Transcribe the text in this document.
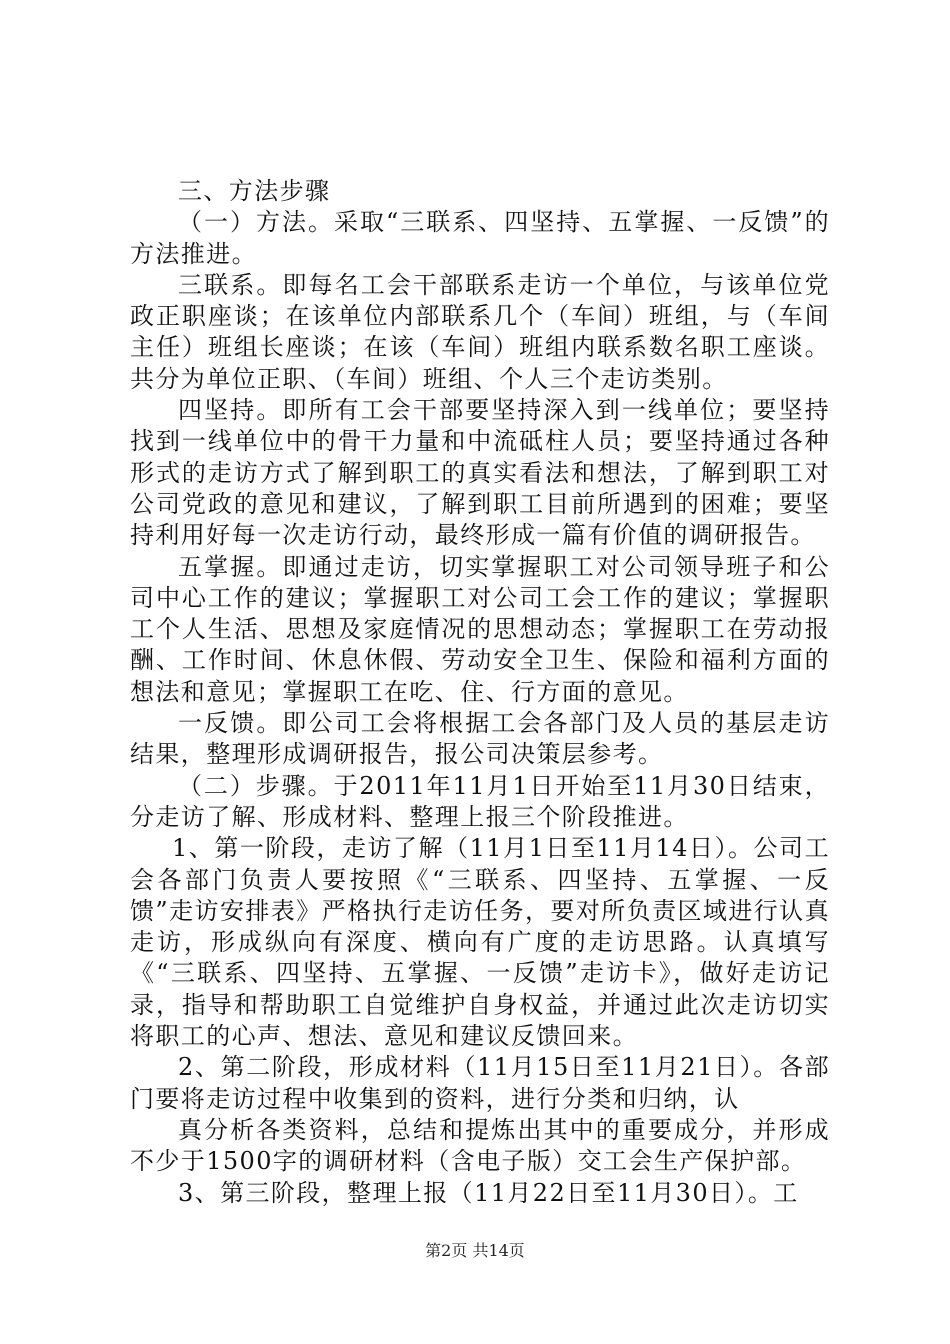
三、方法步骤

（一）方法。采取“三联系、四坚持、五掌握、一反馈”的方法推进。

三联系。即每名工会干部联系走访一个单位，与该单位党政正职座谈；在该单位内部联系几个（车间）班组，与（车间主任）班组长座谈；在该（车间）班组内联系数名职工座谈。共分为单位正职、（车间）班组、个人三个走访类别。

四坚持。即所有工会干部要坚持深入到一线单位；要坚持找到一线单位中的骨干力量和中流砥柱人员；要坚持通过各种形式的走访方式了解到职工的真实看法和想法，了解到职工对公司党政的意见和建议，了解到职工目前所遇到的困难；要坚持利用好每一次走访行动，最终形成一篇有价值的调研报告。

五掌握。即通过走访，切实掌握职工对公司领导班子和公司中心工作的建议；掌握职工对公司工会工作的建议；掌握职工个人生活、思想及家庭情况的思想动态；掌握职工在劳动报酬、工作时间、休息休假、劳动安全卫生、保险和福利方面的想法和意见；掌握职工在吃、住、行方面的意见。

一反馈。即公司工会将根据工会各部门及人员的基层走访结果，整理形成调研报告，报公司决策层参考。

（二）步骤。于2011年11月1日开始至11月30日结束，分走访了解、形成材料、整理上报三个阶段推进。

1、第一阶段，走访了解（11月1日至11月14日）。公司工会各部门负责人要按照《“三联系、四坚持、五掌握、一反馈”走访安排表》严格执行走访任务，要对所负责区域进行认真走访，形成纵向有深度、横向有广度的走访思路。认真填写《“三联系、四坚持、五掌握、一反馈”走访卡》，做好走访记录，指导和帮助职工自觉维护自身权益，并通过此次走访切实将职工的心声、想法、意见和建议反馈回来。

2、第二阶段，形成材料（11月15日至11月21日）。各部门要将走访过程中收集到的资料，进行分类和归纳，认

真分析各类资料，总结和提炼出其中的重要成分，并形成不少于1500字的调研材料（含电子版）交工会生产保护部。

3、第三阶段，整理上报（11月22日至11月30日）。工

第2页 共14页
